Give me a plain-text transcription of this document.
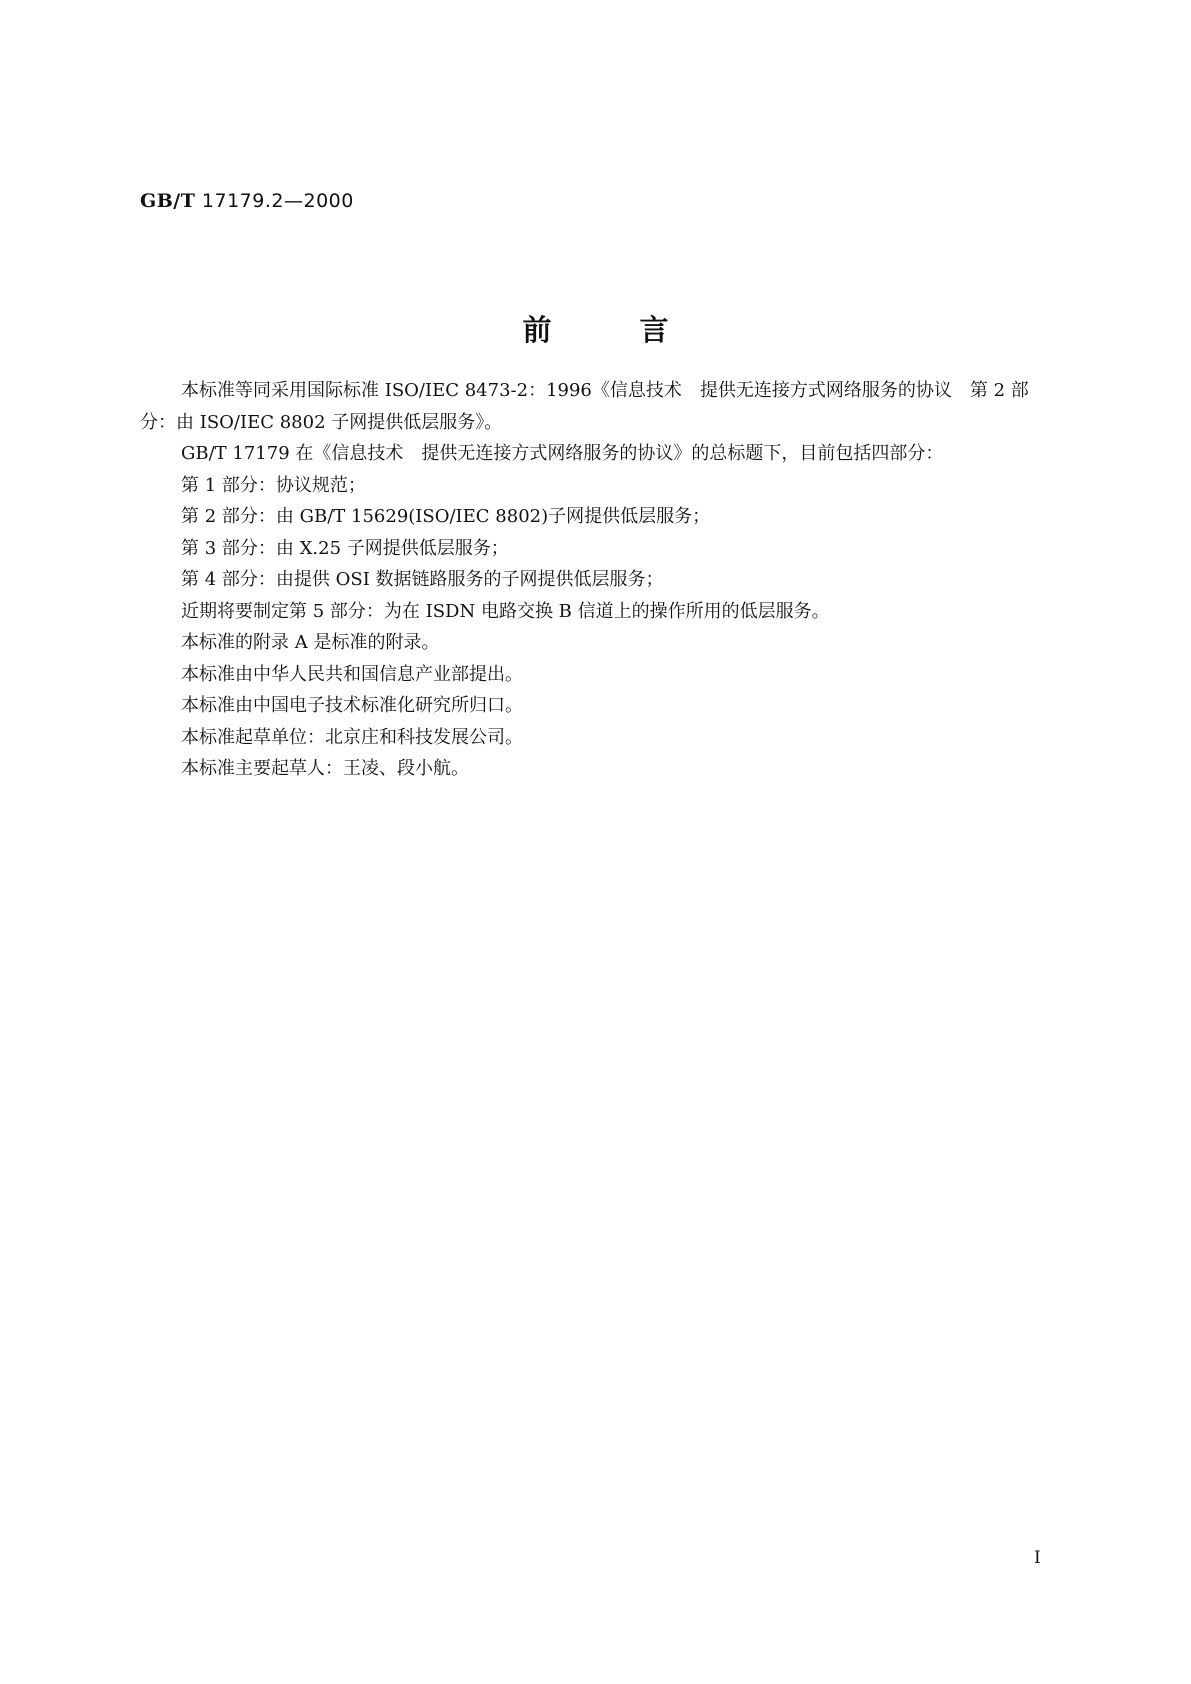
GB/T 17179.2—2000
前言

本标准等同采用国际标准 ISO/IEC 8473-2：1996《信息技术　提供无连接方式网络服务的协议　第 2 部分：由 ISO/IEC 8802 子网提供低层服务》。

GB/T 17179 在《信息技术　提供无连接方式网络服务的协议》的总标题下，目前包括四部分：

第 1 部分：协议规范；

第 2 部分：由 GB/T 15629(ISO/IEC 8802)子网提供低层服务；

第 3 部分：由 X.25 子网提供低层服务；

第 4 部分：由提供 OSI 数据链路服务的子网提供低层服务；

近期将要制定第 5 部分：为在 ISDN 电路交换 B 信道上的操作所用的低层服务。

本标准的附录 A 是标准的附录。

本标准由中华人民共和国信息产业部提出。

本标准由中国电子技术标准化研究所归口。

本标准起草单位：北京庄和科技发展公司。

本标准主要起草人：王凌、段小航。

I
